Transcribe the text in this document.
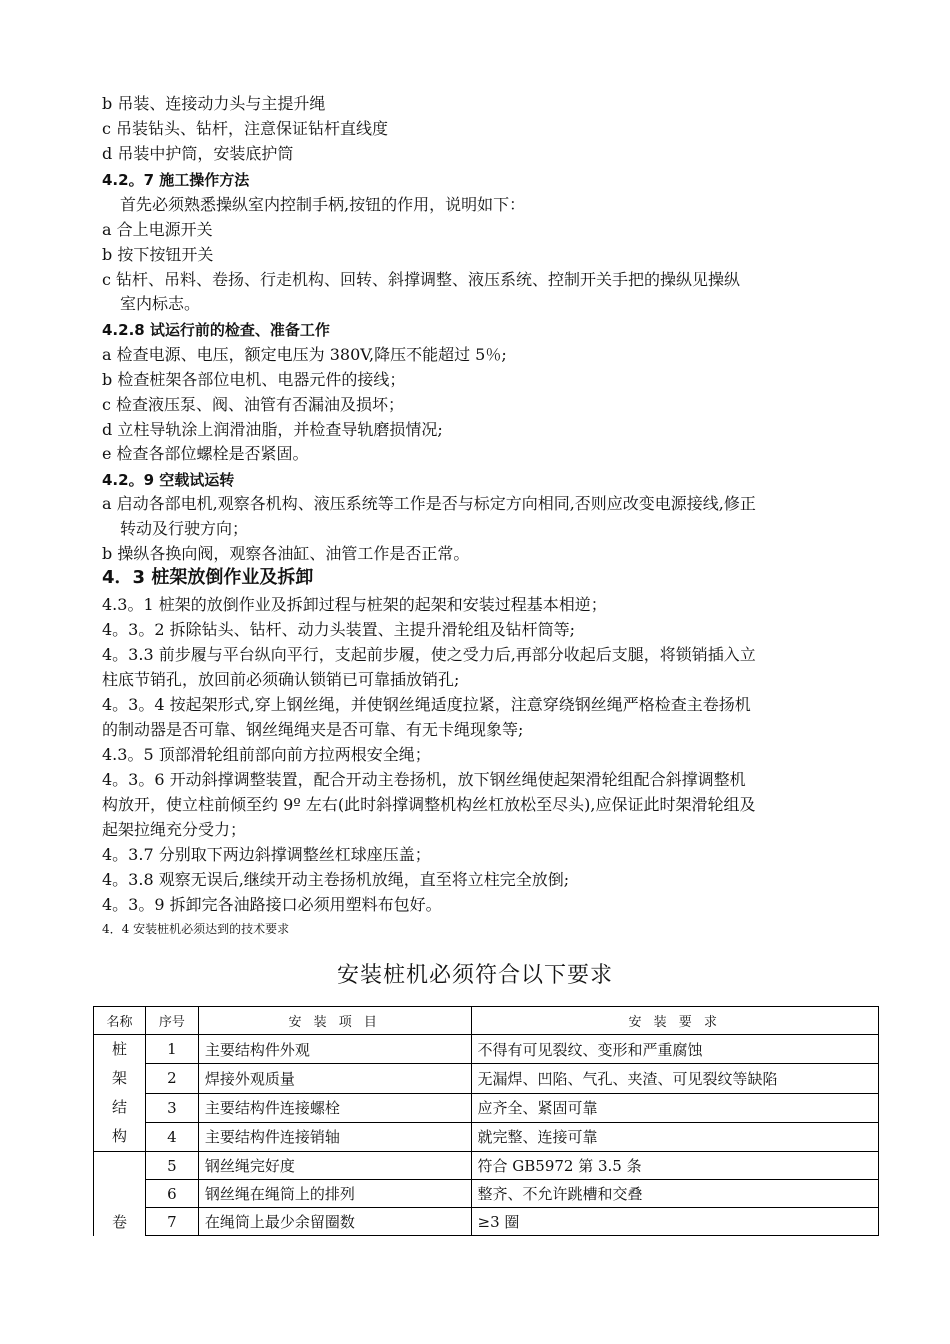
b 吊装、连接动力头与主提升绳
c 吊装钻头、钻杆，注意保证钻杆直线度
d 吊装中护筒，安装底护筒
4.2。7 施工操作方法
首先必须熟悉操纵室内控制手柄,按钮的作用，说明如下：
a 合上电源开关
b 按下按钮开关
c 钻杆、吊料、卷扬、行走机构、回转、斜撑调整、液压系统、控制开关手把的操纵见操纵
室内标志。
4.2.8 试运行前的检查、准备工作
a 检查电源、电压，额定电压为 380V,降压不能超过 5％;
b 检查桩架各部位电机、电器元件的接线；
c 检查液压泵、阀、油管有否漏油及损坏；
d 立柱导轨涂上润滑油脂，并检查导轨磨损情况;
e 检查各部位螺栓是否紧固。
4.2。9 空载试运转
a 启动各部电机,观察各机构、液压系统等工作是否与标定方向相同,否则应改变电源接线,修正
转动及行驶方向；
b 操纵各换向阀，观察各油缸、油管工作是否正常。
4．3 桩架放倒作业及拆卸
4.3。1 桩架的放倒作业及拆卸过程与桩架的起架和安装过程基本相逆；
4。3。2 拆除钻头、钻杆、动力头装置、主提升滑轮组及钻杆筒等;
4。3.3 前步履与平台纵向平行，支起前步履，使之受力后,再部分收起后支腿，将锁销插入立
柱底节销孔，放回前必须确认锁销已可靠插放销孔;
4。3。4 按起架形式,穿上钢丝绳，并使钢丝绳适度拉紧，注意穿绕钢丝绳严格检查主卷扬机
的制动器是否可靠、钢丝绳绳夹是否可靠、有无卡绳现象等;
4.3。5 顶部滑轮组前部向前方拉两根安全绳；
4。3。6 开动斜撑调整装置，配合开动主卷扬机，放下钢丝绳使起架滑轮组配合斜撑调整机
构放开，使立柱前倾至约 9º 左右(此时斜撑调整机构丝杠放松至尽头),应保证此时架滑轮组及
起架拉绳充分受力；
4。3.7 分别取下两边斜撑调整丝杠球座压盖；
4。3.8 观察无误后,继续开动主卷扬机放绳，直至将立柱完全放倒;
4。3。9 拆卸完各油路接口必须用塑料布包好。
4．4 安装桩机必须达到的技术要求
安装桩机必须符合以下要求
名称	序号	安 装 项 目	安 装 要 求

桩
架
结
构	1	主要结构件外观	不得有可见裂纹、变形和严重腐蚀
	2	焊接外观质量	无漏焊、凹陷、气孔、夹渣、可见裂纹等缺陷
	3	主要结构件连接螺栓	应齐全、紧固可靠
	4	主要结构件连接销轴	就完整、连接可靠
卷	5	钢丝绳完好度	符合 GB5972 第 3.5 条
	6	钢丝绳在绳筒上的排列	整齐、不允许跳槽和交叠
	7	在绳筒上最少余留圈数	≥3 圈
